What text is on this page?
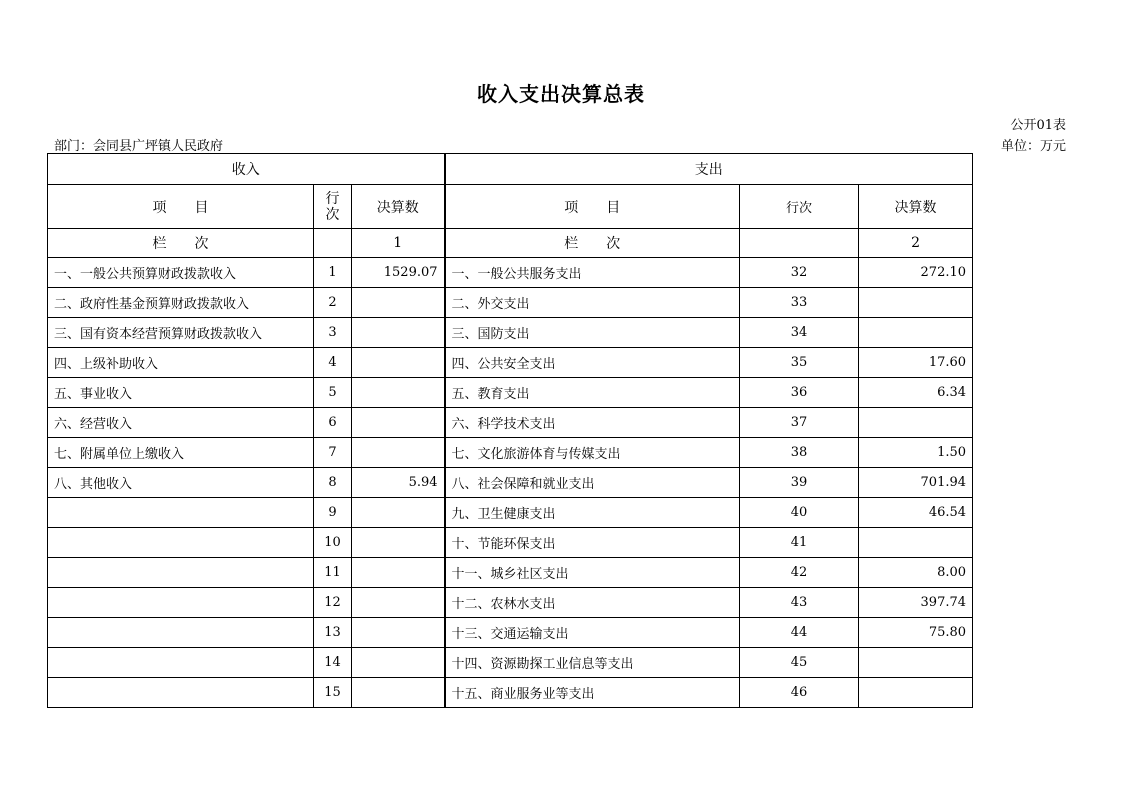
收入支出决算总表
公开01表
部门：会同县广坪镇人民政府	单位：万元
收入			支出		
项　　目	行次	决算数	项　　目	行次	决算数
栏　　次		1	栏　　次		2
一、一般公共预算财政拨款收入	1	1529.07	一、一般公共服务支出	32	272.10
二、政府性基金预算财政拨款收入	2		二、外交支出	33	
三、国有资本经营预算财政拨款收入	3		三、国防支出	34	
四、上级补助收入	4		四、公共安全支出	35	17.60
五、事业收入	5		五、教育支出	36	6.34
六、经营收入	6		六、科学技术支出	37	
七、附属单位上缴收入	7		七、文化旅游体育与传媒支出	38	1.50
八、其他收入	8	5.94	八、社会保障和就业支出	39	701.94
	9		九、卫生健康支出	40	46.54
	10		十、节能环保支出	41	
	11		十一、城乡社区支出	42	8.00
	12		十二、农林水支出	43	397.74
	13		十三、交通运输支出	44	75.80
	14		十四、资源勘探工业信息等支出	45	
	15		十五、商业服务业等支出	46	
